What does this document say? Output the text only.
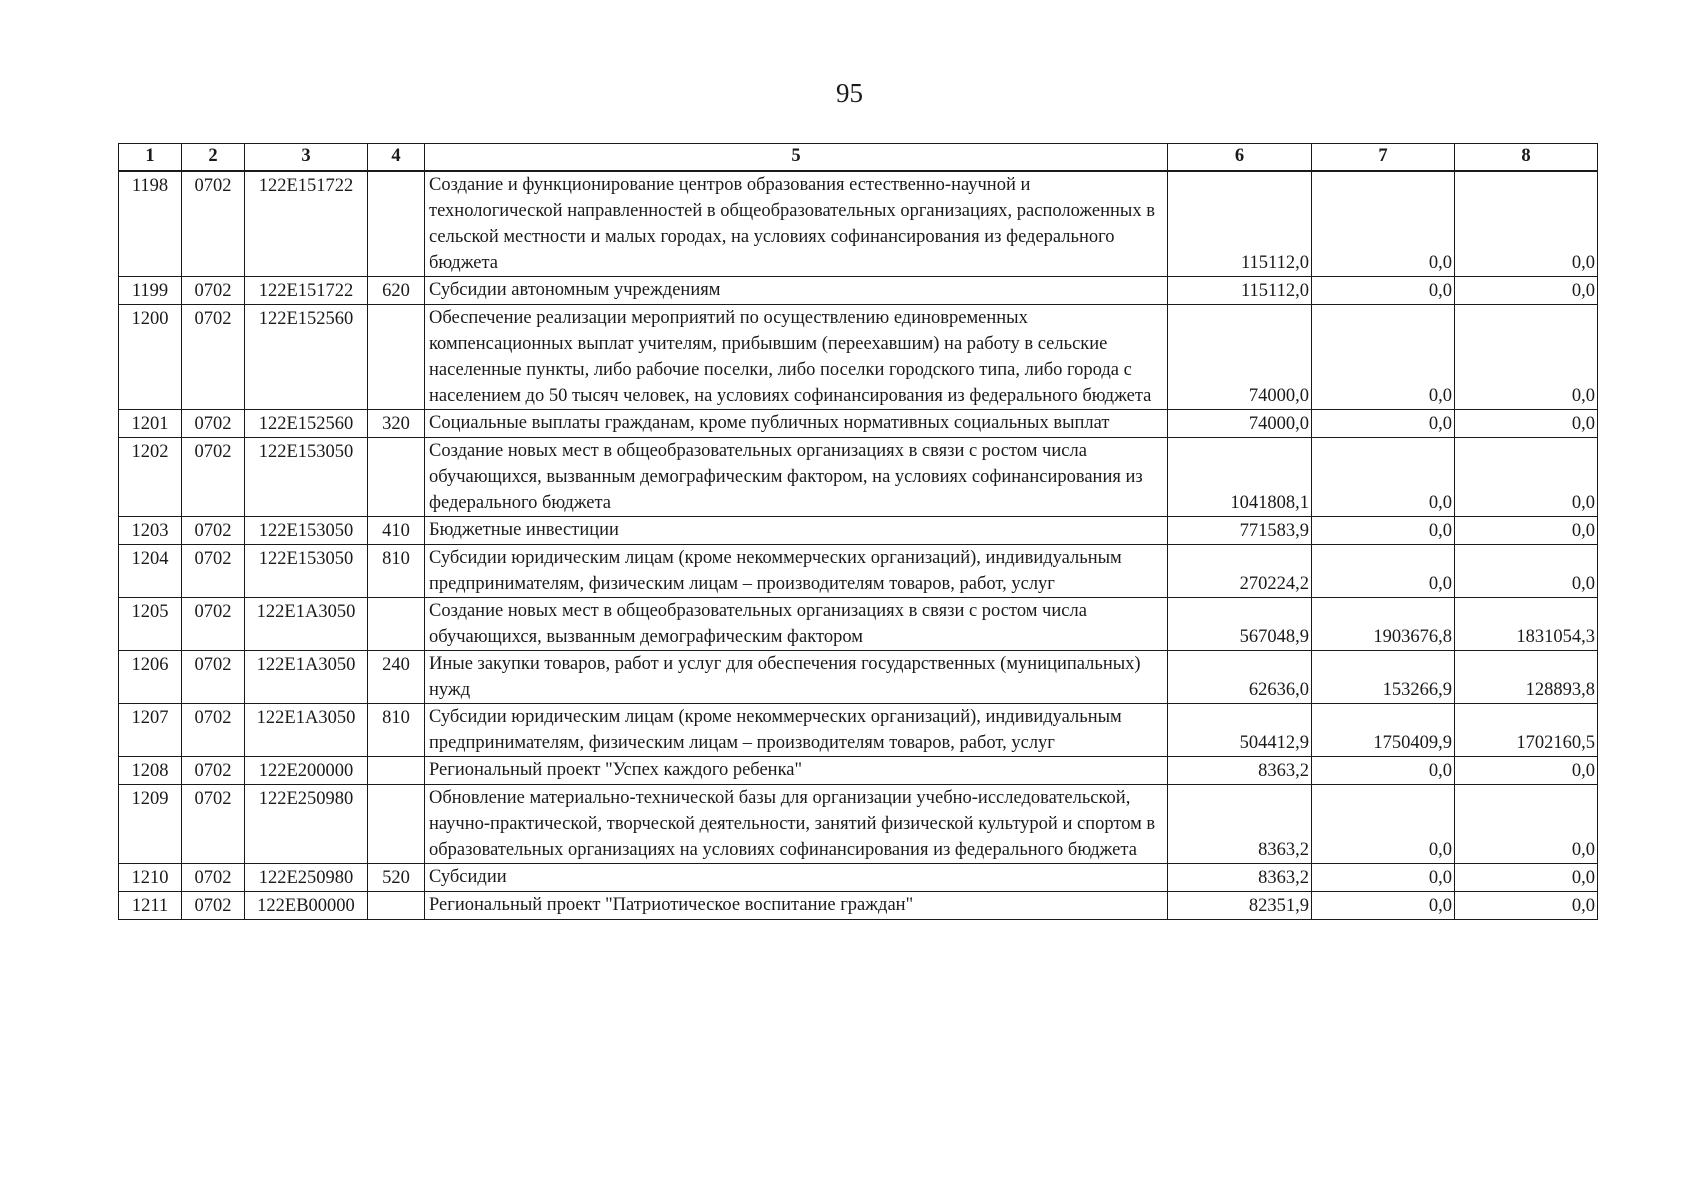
95
1	2	3	4	5	6	7	8
1198	0702	122E151722		Создание и функционирование центров образования естественно-научной и технологической направленностей в общеобразовательных организациях, расположенных в сельской местности и малых городах, на условиях софинансирования из федерального бюджета	115112,0	0,0	0,0
1199	0702	122E151722	620	Субсидии автономным учреждениям	115112,0	0,0	0,0
1200	0702	122E152560		Обеспечение реализации мероприятий по осуществлению единовременных компенсационных выплат учителям, прибывшим (переехавшим) на работу в сельские населенные пункты, либо рабочие поселки, либо поселки городского типа, либо города с населением до 50 тысяч человек, на условиях софинансирования из федерального бюджета	74000,0	0,0	0,0
1201	0702	122E152560	320	Социальные выплаты гражданам, кроме публичных нормативных социальных выплат	74000,0	0,0	0,0
1202	0702	122E153050		Создание новых мест в общеобразовательных организациях в связи с ростом числа обучающихся, вызванным демографическим фактором, на условиях софинансирования из федерального бюджета	1041808,1	0,0	0,0
1203	0702	122E153050	410	Бюджетные инвестиции	771583,9	0,0	0,0
1204	0702	122E153050	810	Субсидии юридическим лицам (кроме некоммерческих организаций), индивидуальным предпринимателям, физическим лицам – производителям товаров, работ, услуг	270224,2	0,0	0,0
1205	0702	122E1A3050		Создание новых мест в общеобразовательных организациях в связи с ростом числа обучающихся, вызванным демографическим фактором	567048,9	1903676,8	1831054,3
1206	0702	122E1A3050	240	Иные закупки товаров, работ и услуг для обеспечения государственных (муниципальных) нужд	62636,0	153266,9	128893,8
1207	0702	122E1A3050	810	Субсидии юридическим лицам (кроме некоммерческих организаций), индивидуальным предпринимателям, физическим лицам – производителям товаров, работ, услуг	504412,9	1750409,9	1702160,5
1208	0702	122E200000		Региональный проект "Успех каждого ребенка"	8363,2	0,0	0,0
1209	0702	122E250980		Обновление материально-технической базы для организации учебно-исследовательской, научно-практической, творческой деятельности, занятий физической культурой и спортом в образовательных организациях на условиях софинансирования из федерального бюджета	8363,2	0,0	0,0
1210	0702	122E250980	520	Субсидии	8363,2	0,0	0,0
1211	0702	122EB00000		Региональный проект "Патриотическое воспитание граждан"	82351,9	0,0	0,0
